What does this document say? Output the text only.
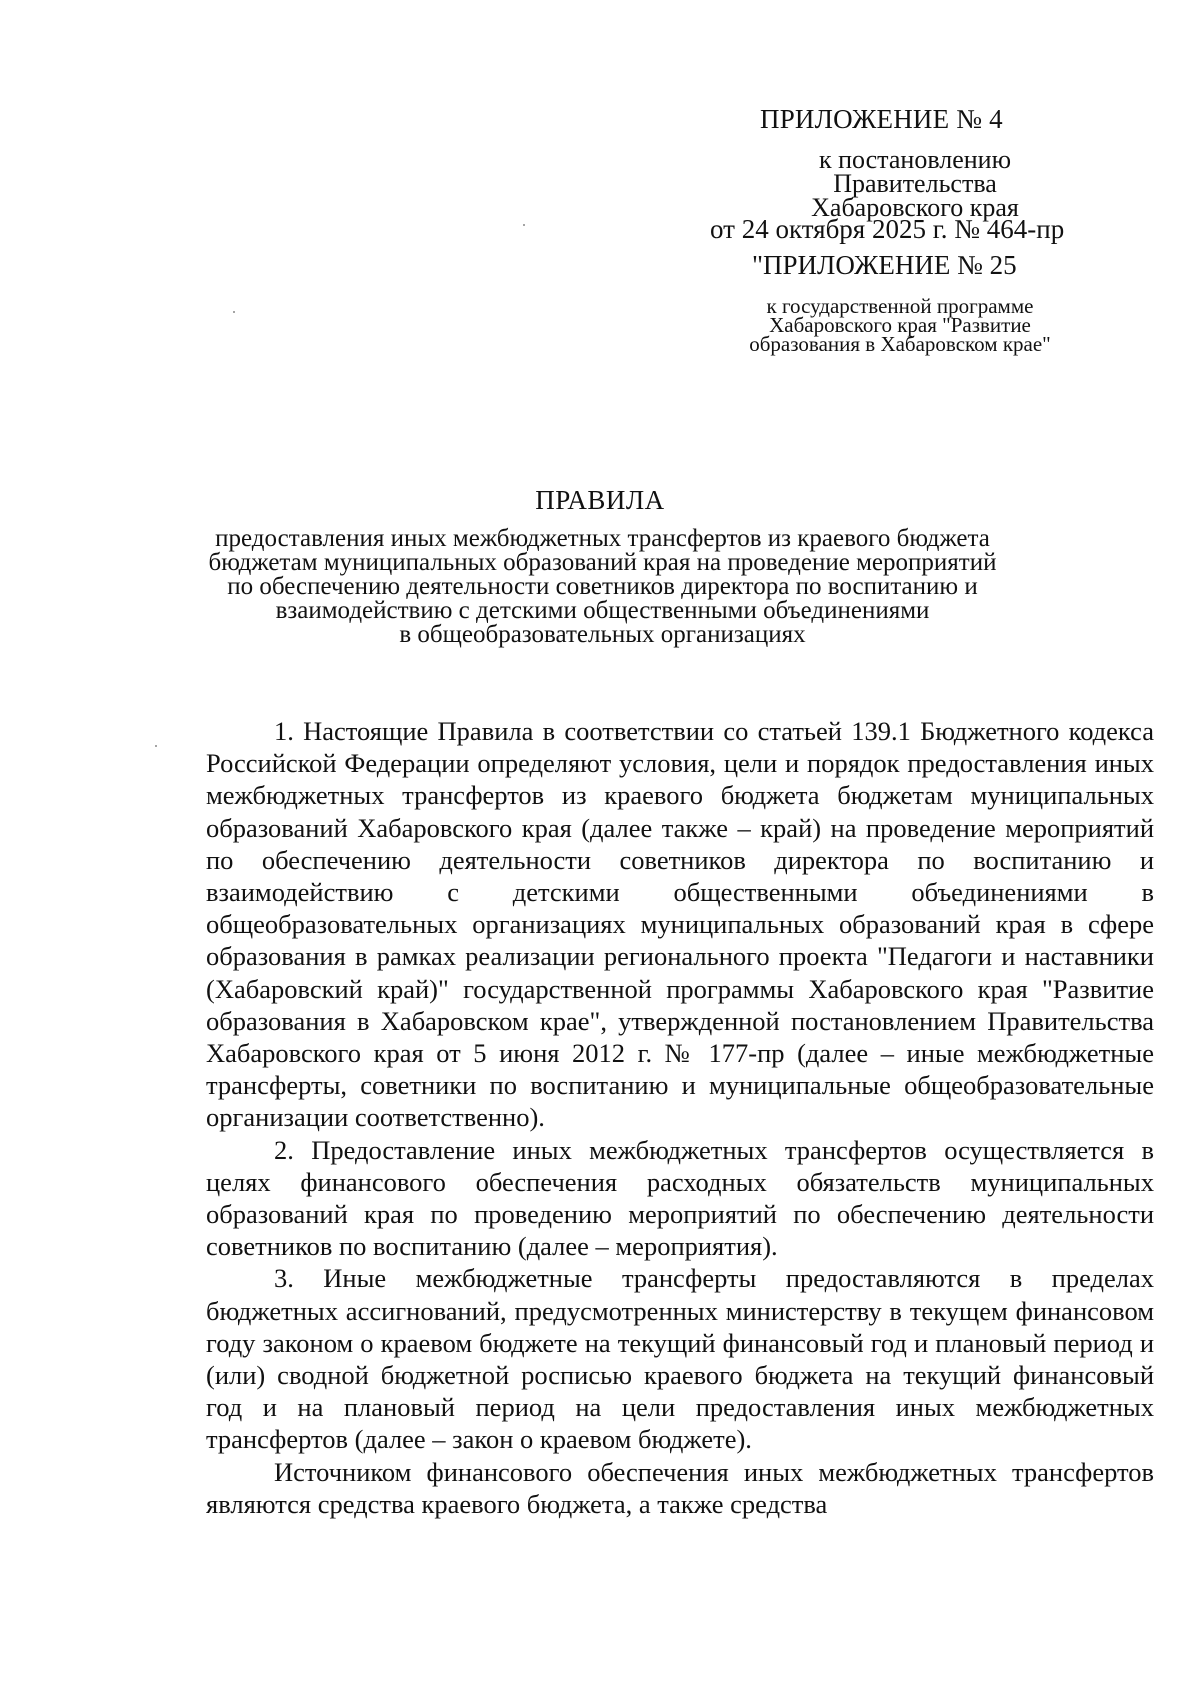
ПРИЛОЖЕНИЕ № 4
к постановлению
Правительства
Хабаровского края
от 24 октября 2025 г. № 464-пр
"ПРИЛОЖЕНИЕ № 25
к государственной программе
Хабаровского края "Развитие
образования в Хабаровском крае"
ПРАВИЛА
предоставления иных межбюджетных трансфертов из краевого бюджета
бюджетам муниципальных образований края на проведение мероприятий
по обеспечению деятельности советников директора по воспитанию и
взаимодействию с детскими общественными объединениями
в общеобразовательных организациях

1. Настоящие Правила в соответствии со статьей 139.1 Бюджетного кодекса Российской Федерации определяют условия, цели и порядок предоставления иных межбюджетных трансфертов из краевого бюджета бюджетам муниципальных образований Хабаровского края (далее также – край) на проведение мероприятий по обеспечению деятельности советников директора по воспитанию и взаимодействию с детскими общественными объединениями в общеобразовательных организациях муниципальных образований края в сфере образования в рамках реализации регионального проекта "Педагоги и наставники (Хабаровский край)" государственной программы Хабаровского края "Развитие образования в Хабаровском крае", утвержденной постановлением Правительства Хабаровского края от 5 июня 2012 г. № 177-пр (далее – иные межбюджетные трансферты, советники по воспитанию и муниципальные общеобразовательные организации соответственно).

2. Предоставление иных межбюджетных трансфертов осуществляется в целях финансового обеспечения расходных обязательств муниципальных образований края по проведению мероприятий по обеспечению деятельности советников по воспитанию (далее – мероприятия).

3. Иные межбюджетные трансферты предоставляются в пределах бюджетных ассигнований, предусмотренных министерству в текущем финансовом году законом о краевом бюджете на текущий финансовый год и плановый период и (или) сводной бюджетной росписью краевого бюджета на текущий финансовый год и на плановый период на цели предоставления иных межбюджетных трансфертов (далее – закон о краевом бюджете).

Источником финансового обеспечения иных межбюджетных трансфертов являются средства краевого бюджета, а также средства
